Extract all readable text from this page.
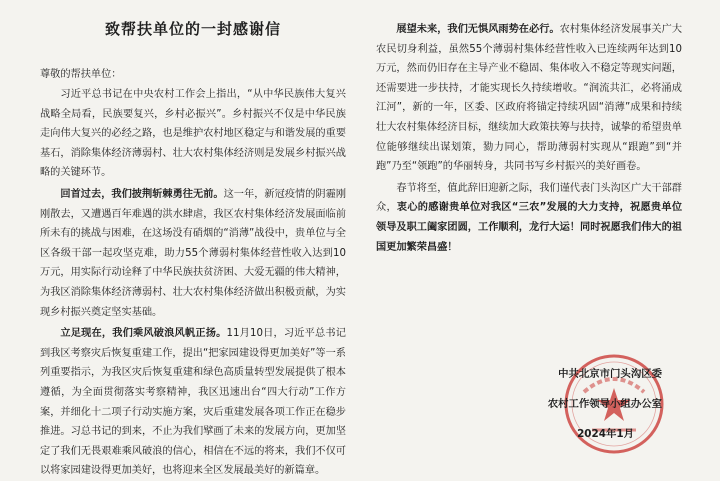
致帮扶单位的一封感谢信
尊敬的帮扶单位：

习近平总书记在中央农村工作会上指出，“从中华民族伟大复兴战略全局看，民族要复兴，乡村必振兴”。乡村振兴不仅是中华民族走向伟大复兴的必经之路，也是维护农村地区稳定与和谐发展的重要基石，消除集体经济薄弱村、壮大农村集体经济则是发展乡村振兴战略的关键环节。

回首过去，我们披荆斩棘勇往无前。这一年，新冠疫情的阴霾刚刚散去，又遭遇百年难遇的洪水肆虐，我区农村集体经济发展面临前所未有的挑战与困难，在这场没有硝烟的“消薄”战役中，贵单位与全区各级干部一起攻坚克难，助力55个薄弱村集体经营性收入达到10万元，用实际行动诠释了中华民族扶贫济困、大爱无疆的伟大精神，为我区消除集体经济薄弱村、壮大农村集体经济做出积极贡献，为实现乡村振兴奠定坚实基础。

立足现在，我们乘风破浪风帆正扬。11月10日，习近平总书记到我区考察灾后恢复重建工作，提出“把家园建设得更加美好”等一系列重要指示，为我区灾后恢复重建和绿色高质量转型发展提供了根本遵循，为全面贯彻落实考察精神，我区迅速出台“四大行动”工作方案，并细化十二项子行动实施方案，灾后重建发展各项工作正在稳步推进。习总书记的到来，不止为我们擘画了未来的发展方向，更加坚定了我们无畏艰难乘风破浪的信心，相信在不远的将来，我们不仅可以将家园建设得更加美好，也将迎来全区发展最美好的新篇章。

展望未来，我们无惧风雨势在必行。农村集体经济发展事关广大农民切身利益，虽然55个薄弱村集体经营性收入已连续两年达到10万元，然而仍旧存在主导产业不稳固、集体收入不稳定等现实问题，还需要进一步扶持，才能实现长久持续增收。“润流共汇，必将涌成江河”，新的一年，区委、区政府将锚定持续巩固“消薄”成果和持续壮大农村集体经济目标，继续加大政策扶筹与扶持，诚挚的希望贵单位能够继续出谋划策，勠力同心，帮助薄弱村实现从“跟跑”到“并跑”乃至“领跑”的华丽转身，共同书写乡村振兴的美好画卷。

春节将至，值此辞旧迎新之际，我们谨代表门头沟区广大干部群众，衷心的感谢贵单位对我区“三农”发展的大力支持，祝愿贵单位领导及职工阖家团圆，工作顺利，龙行大运！同时祝愿我们伟大的祖国更加繁荣昌盛！

中共北京市门头沟区委
农村工作领导小组办公室
2024年1月
